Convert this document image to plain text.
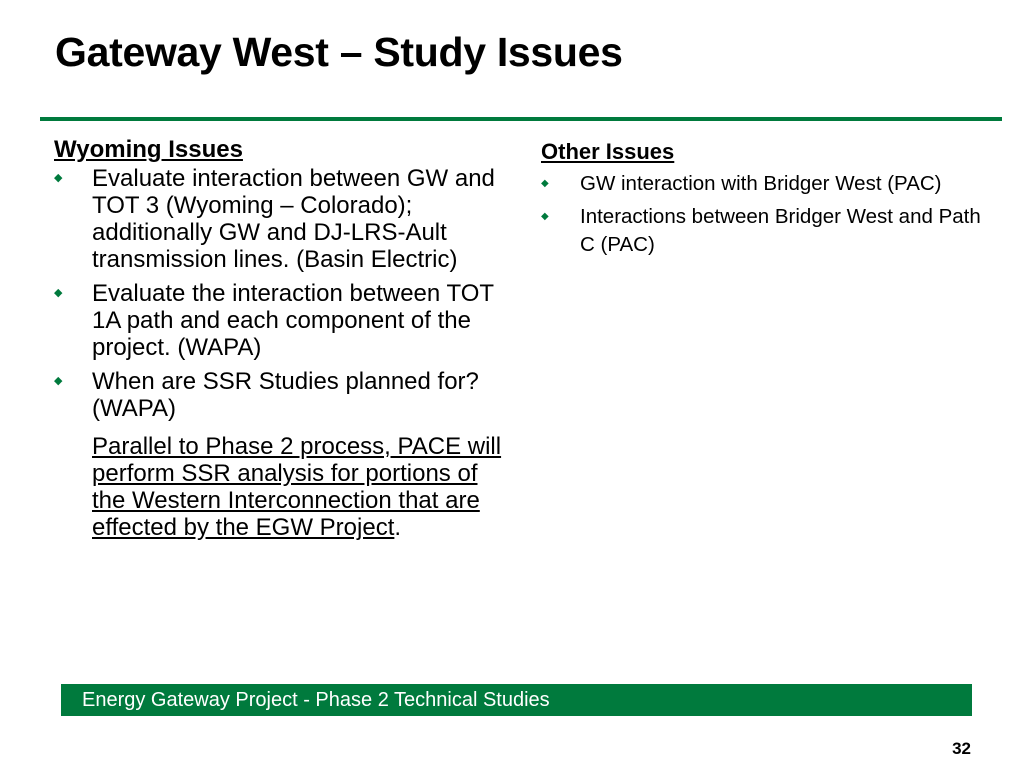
Gateway West – Study Issues

Wyoming Issues

◆ Evaluate interaction between GW and TOT 3 (Wyoming – Colorado); additionally GW and DJ-LRS-Ault transmission lines. (Basin Electric)
◆ Evaluate the interaction between TOT 1A path and each component of the project. (WAPA)
◆ When are SSR Studies planned for? (WAPA)
Parallel to Phase 2 process, PACE will perform SSR analysis for portions of the Western Interconnection that are effected by the EGW Project.

Other Issues

◆ GW interaction with Bridger West (PAC)
◆ Interactions between Bridger West and Path C (PAC)
Energy Gateway Project - Phase 2 Technical Studies
32
